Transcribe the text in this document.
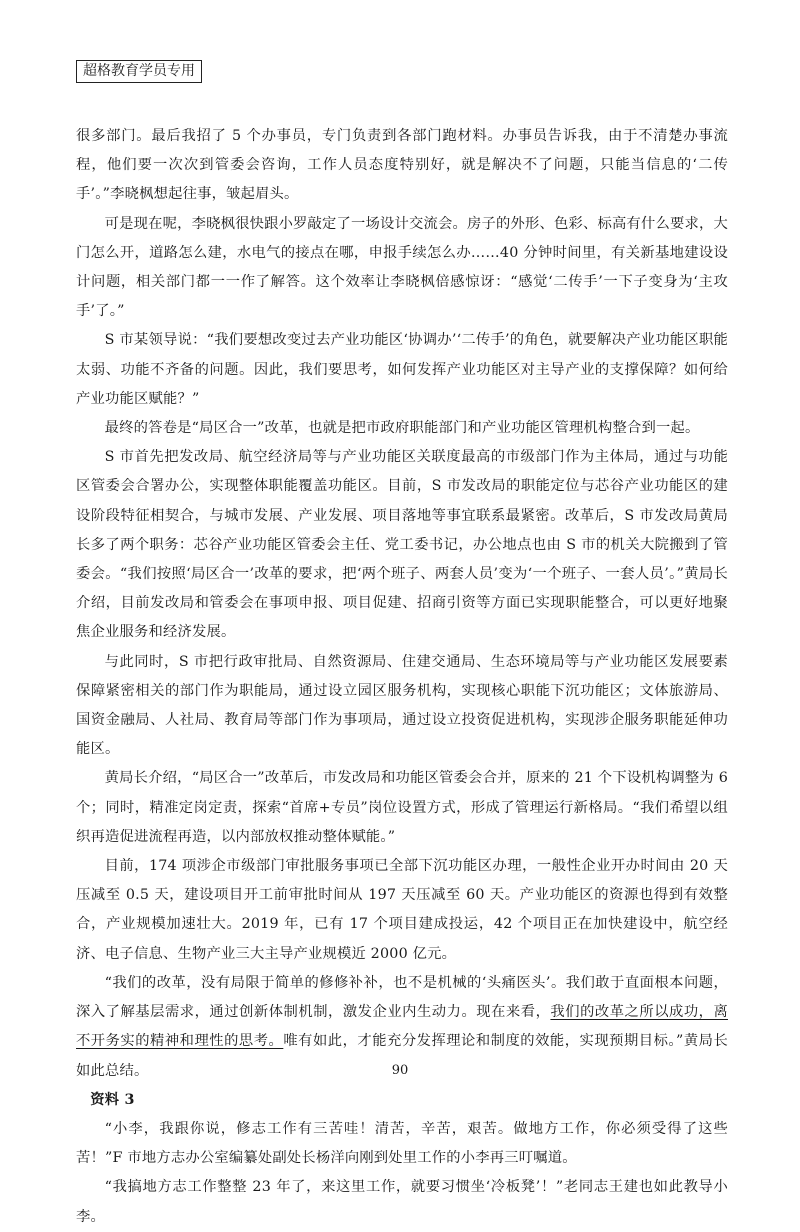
超格教育学员专用

很多部门。最后我招了 5 个办事员，专门负责到各部门跑材料。办事员告诉我，由于不清楚办事流程，他们要一次次到管委会咨询，工作人员态度特别好，就是解决不了问题，只能当信息的‘二传手’。”李晓枫想起往事，皱起眉头。

可是现在呢，李晓枫很快跟小罗敲定了一场设计交流会。房子的外形、色彩、标高有什么要求，大门怎么开，道路怎么建，水电气的接点在哪，申报手续怎么办……40 分钟时间里，有关新基地建设设计问题，相关部门都一一作了解答。这个效率让李晓枫倍感惊讶：“感觉‘二传手’一下子变身为‘主攻手’了。”

S 市某领导说：“我们要想改变过去产业功能区‘协调办’‘二传手’的角色，就要解决产业功能区职能太弱、功能不齐备的问题。因此，我们要思考，如何发挥产业功能区对主导产业的支撑保障？如何给产业功能区赋能？”

最终的答卷是“局区合一”改革，也就是把市政府职能部门和产业功能区管理机构整合到一起。

S 市首先把发改局、航空经济局等与产业功能区关联度最高的市级部门作为主体局，通过与功能区管委会合署办公，实现整体职能覆盖功能区。目前，S 市发改局的职能定位与芯谷产业功能区的建设阶段特征相契合，与城市发展、产业发展、项目落地等事宜联系最紧密。改革后，S 市发改局黄局长多了两个职务：芯谷产业功能区管委会主任、党工委书记，办公地点也由 S 市的机关大院搬到了管委会。“我们按照‘局区合一’改革的要求，把‘两个班子、两套人员’变为‘一个班子、一套人员’。”黄局长介绍，目前发改局和管委会在事项申报、项目促建、招商引资等方面已实现职能整合，可以更好地聚焦企业服务和经济发展。

与此同时，S 市把行政审批局、自然资源局、住建交通局、生态环境局等与产业功能区发展要素保障紧密相关的部门作为职能局，通过设立园区服务机构，实现核心职能下沉功能区；文体旅游局、国资金融局、人社局、教育局等部门作为事项局，通过设立投资促进机构，实现涉企服务职能延伸功能区。

黄局长介绍，“局区合一”改革后，市发改局和功能区管委会合并，原来的 21 个下设机构调整为 6 个；同时，精准定岗定责，探索“首席+专员”岗位设置方式，形成了管理运行新格局。“我们希望以组织再造促进流程再造，以内部放权推动整体赋能。”

目前，174 项涉企市级部门审批服务事项已全部下沉功能区办理，一般性企业开办时间由 20 天压减至 0.5 天，建设项目开工前审批时间从 197 天压减至 60 天。产业功能区的资源也得到有效整合，产业规模加速壮大。2019 年，已有 17 个项目建成投运，42 个项目正在加快建设中，航空经济、电子信息、生物产业三大主导产业规模近 2000 亿元。

“我们的改革，没有局限于简单的修修补补，也不是机械的‘头痛医头’。我们敢于直面根本问题，深入了解基层需求，通过创新体制机制，激发企业内生动力。现在来看，我们的改革之所以成功，离不开务实的精神和理性的思考。唯有如此，才能充分发挥理论和制度的效能，实现预期目标。”黄局长如此总结。

资料 3

“小李，我跟你说，修志工作有三苦哇！清苦，辛苦，艰苦。做地方工作，你必须受得了这些苦！”F 市地方志办公室编纂处副处长杨洋向刚到处里工作的小李再三叮嘱道。

“我搞地方志工作整整 23 年了，来这里工作，就要习惯坐‘冷板凳’！”老同志王建也如此教导小李。

90
